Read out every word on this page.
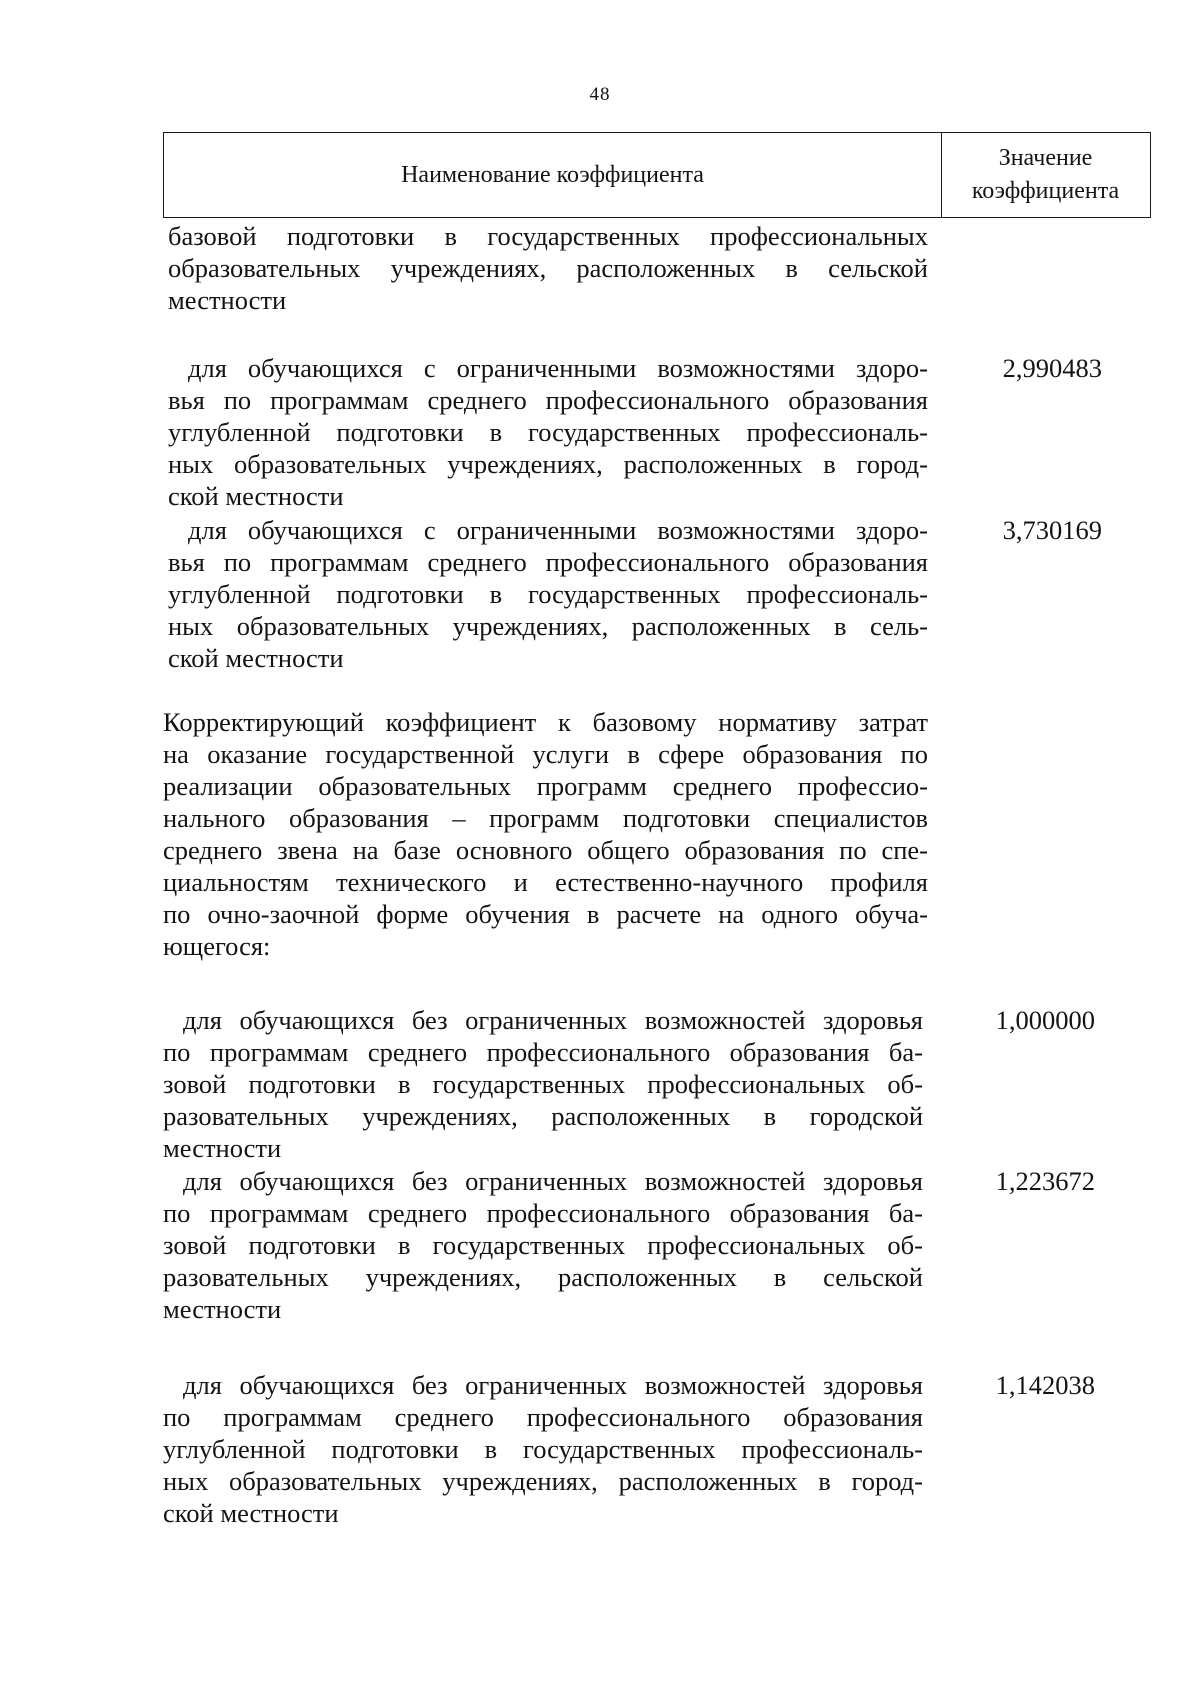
48
Наименование коэффициента
Значение
коэффициента
базовой подготовки в государственных профессиональных
образовательных учреждениях, расположенных в сельской
местности
для обучающихся с ограниченными возможностями здоро-
вья по программам среднего профессионального образования
углубленной подготовки в государственных профессиональ-
ных образовательных учреждениях, расположенных в город-
ской местности
2,990483
для обучающихся с ограниченными возможностями здоро-
вья по программам среднего профессионального образования
углубленной подготовки в государственных профессиональ-
ных образовательных учреждениях, расположенных в сель-
ской местности
3,730169
Корректирующий коэффициент к базовому нормативу затрат
на оказание государственной услуги в сфере образования по
реализации образовательных программ среднего профессио-
нального образования – программ подготовки специалистов
среднего звена на базе основного общего образования по спе-
циальностям технического и естественно-научного профиля
по очно-заочной форме обучения в расчете на одного обуча-
ющегося:
для обучающихся без ограниченных возможностей здоровья
по программам среднего профессионального образования ба-
зовой подготовки в государственных профессиональных об-
разовательных учреждениях, расположенных в городской
местности
1,000000
для обучающихся без ограниченных возможностей здоровья
по программам среднего профессионального образования ба-
зовой подготовки в государственных профессиональных об-
разовательных учреждениях, расположенных в сельской
местности
1,223672
для обучающихся без ограниченных возможностей здоровья
по программам среднего профессионального образования
углубленной подготовки в государственных профессиональ-
ных образовательных учреждениях, расположенных в город-
ской местности
1,142038
